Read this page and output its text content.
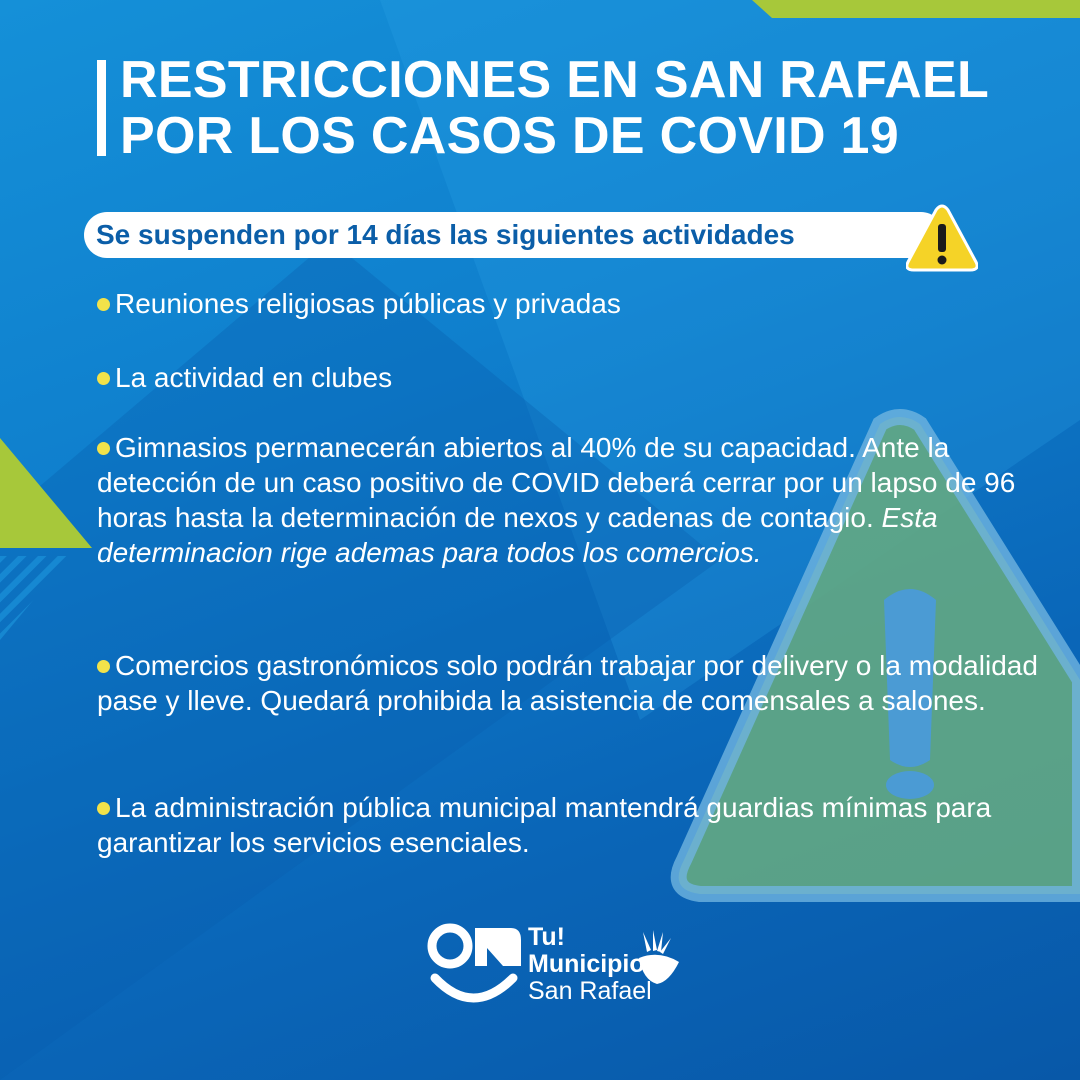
RESTRICCIONES EN SAN RAFAEL
POR LOS CASOS DE COVID 19
Se suspenden por 14 días las siguientes actividades
Reuniones religiosas públicas y privadas
La actividad en clubes
Gimnasios permanecerán abiertos al 40% de su capacidad. Ante la detección de un caso positivo de COVID deberá cerrar por un lapso de 96 horas hasta la determinación de nexos y cadenas de contagio. Esta determinacion rige ademas para todos los comercios.
Comercios gastronómicos solo podrán trabajar por delivery o la modalidad pase y lleve. Quedará prohibida la asistencia de comensales a salones.
La administración pública municipal mantendrá guardias mínimas para garantizar los servicios esenciales.
Tu!
Municipio
San Rafael
